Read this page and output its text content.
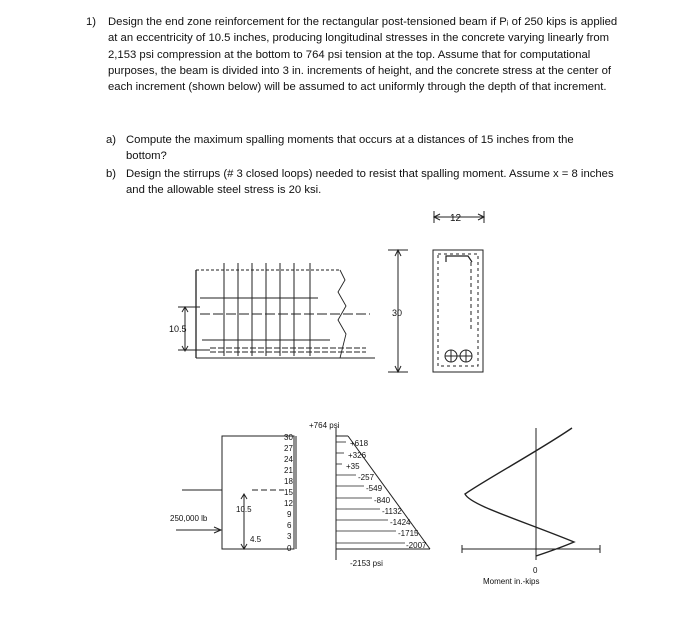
1) Design the end zone reinforcement for the rectangular post-tensioned beam if Pᵢ of 250 kips is applied at an eccentricity of 10.5 inches, producing longitudinal stresses in the concrete varying linearly from 2,153 psi compression at the bottom to 764 psi tension at the top. Assume that for computational purposes, the beam is divided into 3 in. increments of height, and the concrete stress at the center of each increment (shown below) will be assumed to act uniformly through the depth of that increment.
a) Compute the maximum spalling moments that occurs at a distances of 15 inches from the bottom?
b) Design the stirrups (# 3 closed loops) needed to resist that spalling moment. Assume x = 8 inches and the allowable steel stress is 20 ksi.
12
10.5
30
+764 psi
-2153 psi
250,000 lb
10.5
4.5
30
27
24
21
18
15
12
9
6
3
0
+618
+326
+35
-257
-549
-840
-1132
-1424
-1715
-2007
0
Moment in.-kips
